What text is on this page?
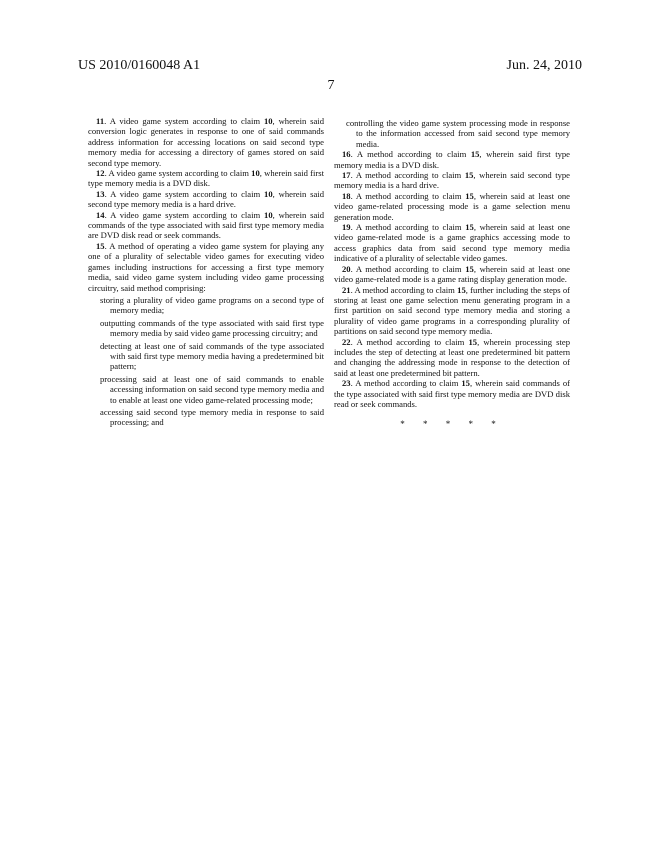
US 2010/0160048 A1	Jun. 24, 2010
7
11. A video game system according to claim 10, wherein said conversion logic generates in response to one of said commands address information for accessing locations on said second type memory media for accessing a directory of games stored on said second type memory.
12. A video game system according to claim 10, wherein said first type memory media is a DVD disk.
13. A video game system according to claim 10, wherein said second type memory media is a hard drive.
14. A video game system according to claim 10, wherein said commands of the type associated with said first type memory media are DVD disk read or seek commands.
15. A method of operating a video game system for playing any one of a plurality of selectable video games for executing video games including instructions for accessing a first type memory media, said video game system including video game processing circuitry, said method comprising:
storing a plurality of video game programs on a second type of memory media;
outputting commands of the type associated with said first type memory media by said video game processing circuitry; and
detecting at least one of said commands of the type associated with said first type memory media having a predetermined bit pattern;
processing said at least one of said commands to enable accessing information on said second type memory media and to enable at least one video game-related processing mode;
accessing said second type memory media in response to said processing; and
controlling the video game system processing mode in response to the information accessed from said second type memory media.
16. A method according to claim 15, wherein said first type memory media is a DVD disk.
17. A method according to claim 15, wherein said second type memory media is a hard drive.
18. A method according to claim 15, wherein said at least one video game-related processing mode is a game selection menu generation mode.
19. A method according to claim 15, wherein said at least one video game-related mode is a game graphics accessing mode to access graphics data from said second type memory media indicative of a plurality of selectable video games.
20. A method according to claim 15, wherein said at least one video game-related mode is a game rating display generation mode.
21. A method according to claim 15, further including the steps of storing at least one game selection menu generating program in a first partition on said second type memory media and storing a plurality of video game programs in a corresponding plurality of partitions on said second type memory media.
22. A method according to claim 15, wherein processing step includes the step of detecting at least one predetermined bit pattern and changing the addressing mode in response to the detection of said at least one predetermined bit pattern.
23. A method according to claim 15, wherein said commands of the type associated with said first type memory media are DVD disk read or seek commands.
* * * * *
